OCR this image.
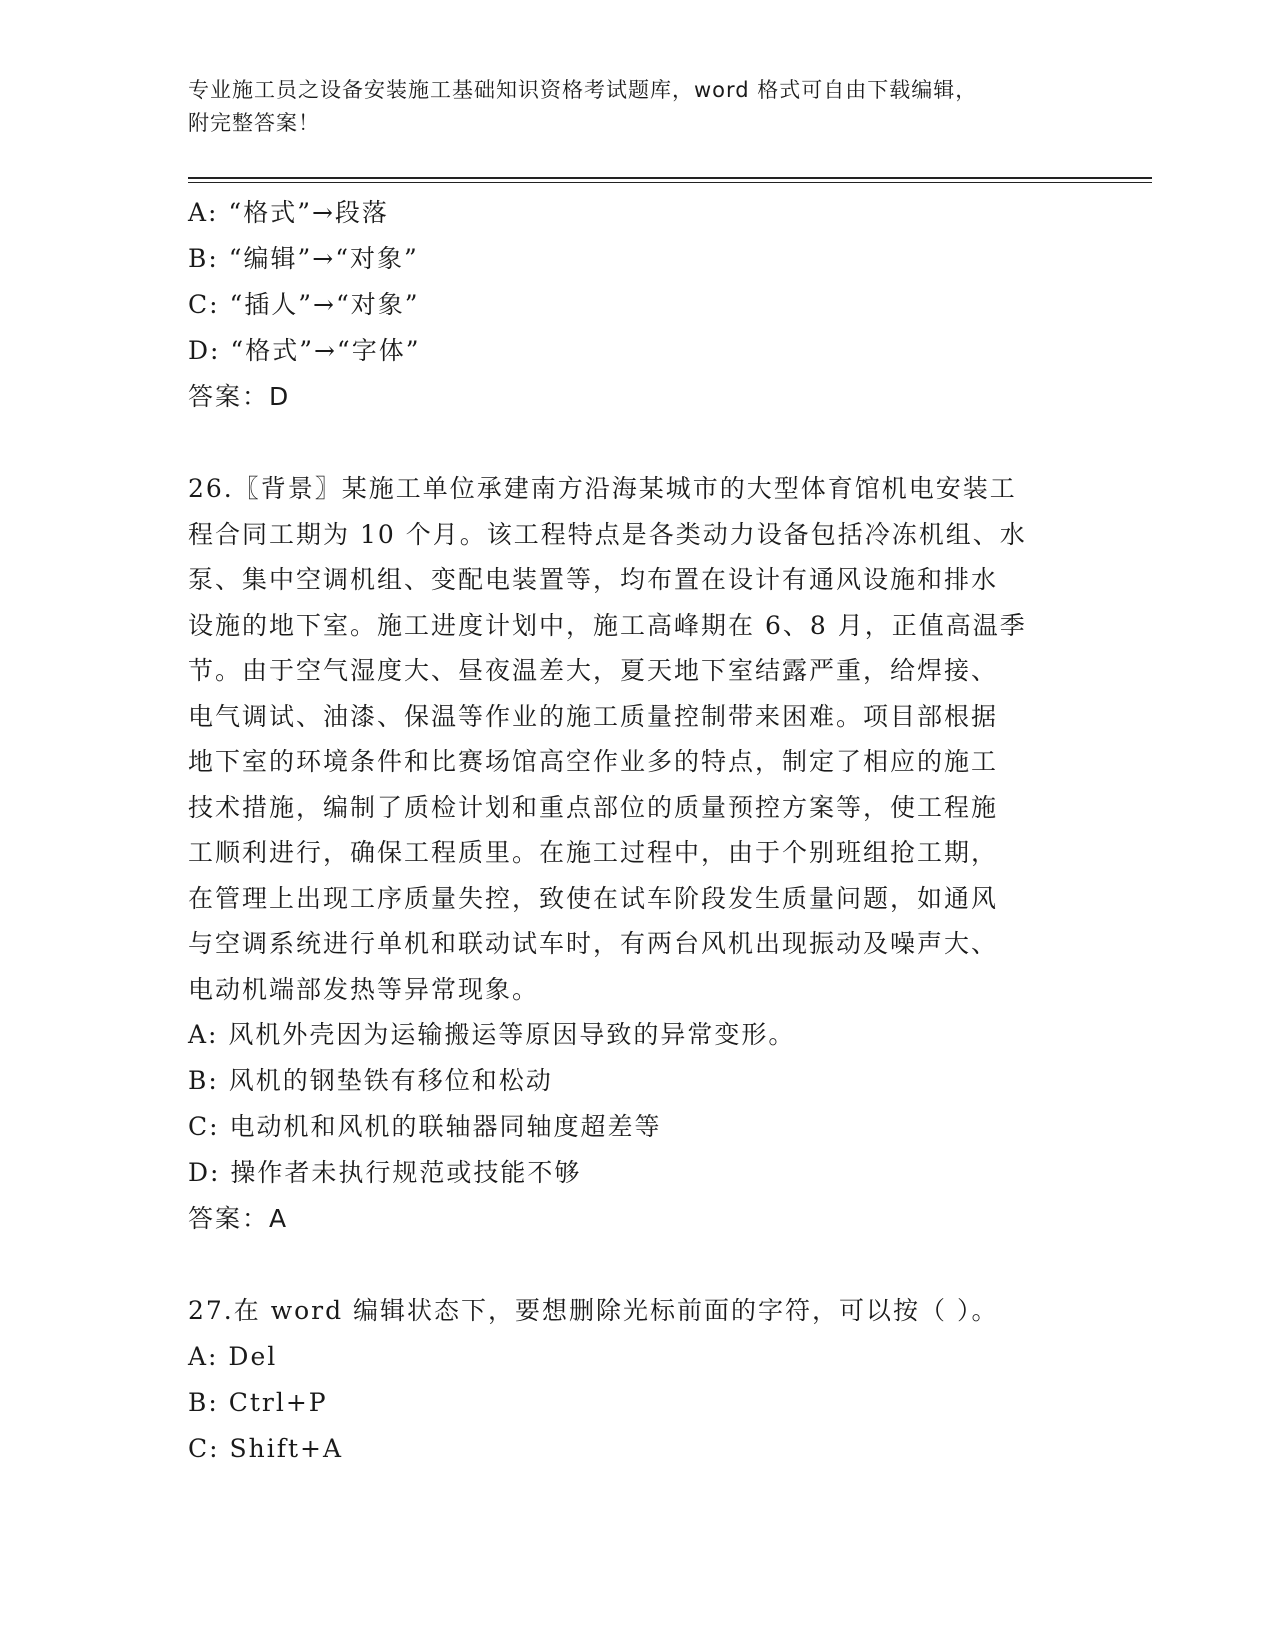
专业施工员之设备安装施工基础知识资格考试题库，word 格式可自由下载编辑，
附完整答案！
A: “格式”→段落
B: “编辑”→“对象”
C: “插人”→“对象”
D: “格式”→“字体”
答案：D
26.〖背景〗某施工单位承建南方沿海某城市的大型体育馆机电安装工
程合同工期为 10 个月。该工程特点是各类动力设备包括冷冻机组、水
泵、集中空调机组、变配电装置等，均布置在设计有通风设施和排水
设施的地下室。施工进度计划中，施工高峰期在 6、8 月，正值高温季
节。由于空气湿度大、昼夜温差大，夏天地下室结露严重，给焊接、
电气调试、油漆、保温等作业的施工质量控制带来困难。项目部根据
地下室的环境条件和比赛场馆高空作业多的特点，制定了相应的施工
技术措施，编制了质检计划和重点部位的质量预控方案等，使工程施
工顺利进行，确保工程质里。在施工过程中，由于个别班组抢工期，
在管理上出现工序质量失控，致使在试车阶段发生质量问题，如通风
与空调系统进行单机和联动试车时，有两台风机出现振动及噪声大、
电动机端部发热等异常现象。
A: 风机外壳因为运输搬运等原因导致的异常变形。
B: 风机的钢垫铁有移位和松动
C: 电动机和风机的联轴器同轴度超差等
D: 操作者未执行规范或技能不够
答案：A
27.在 word 编辑状态下，要想删除光标前面的字符，可以按（ ）。
A: Del
B: Ctrl+P
C: Shift+A
